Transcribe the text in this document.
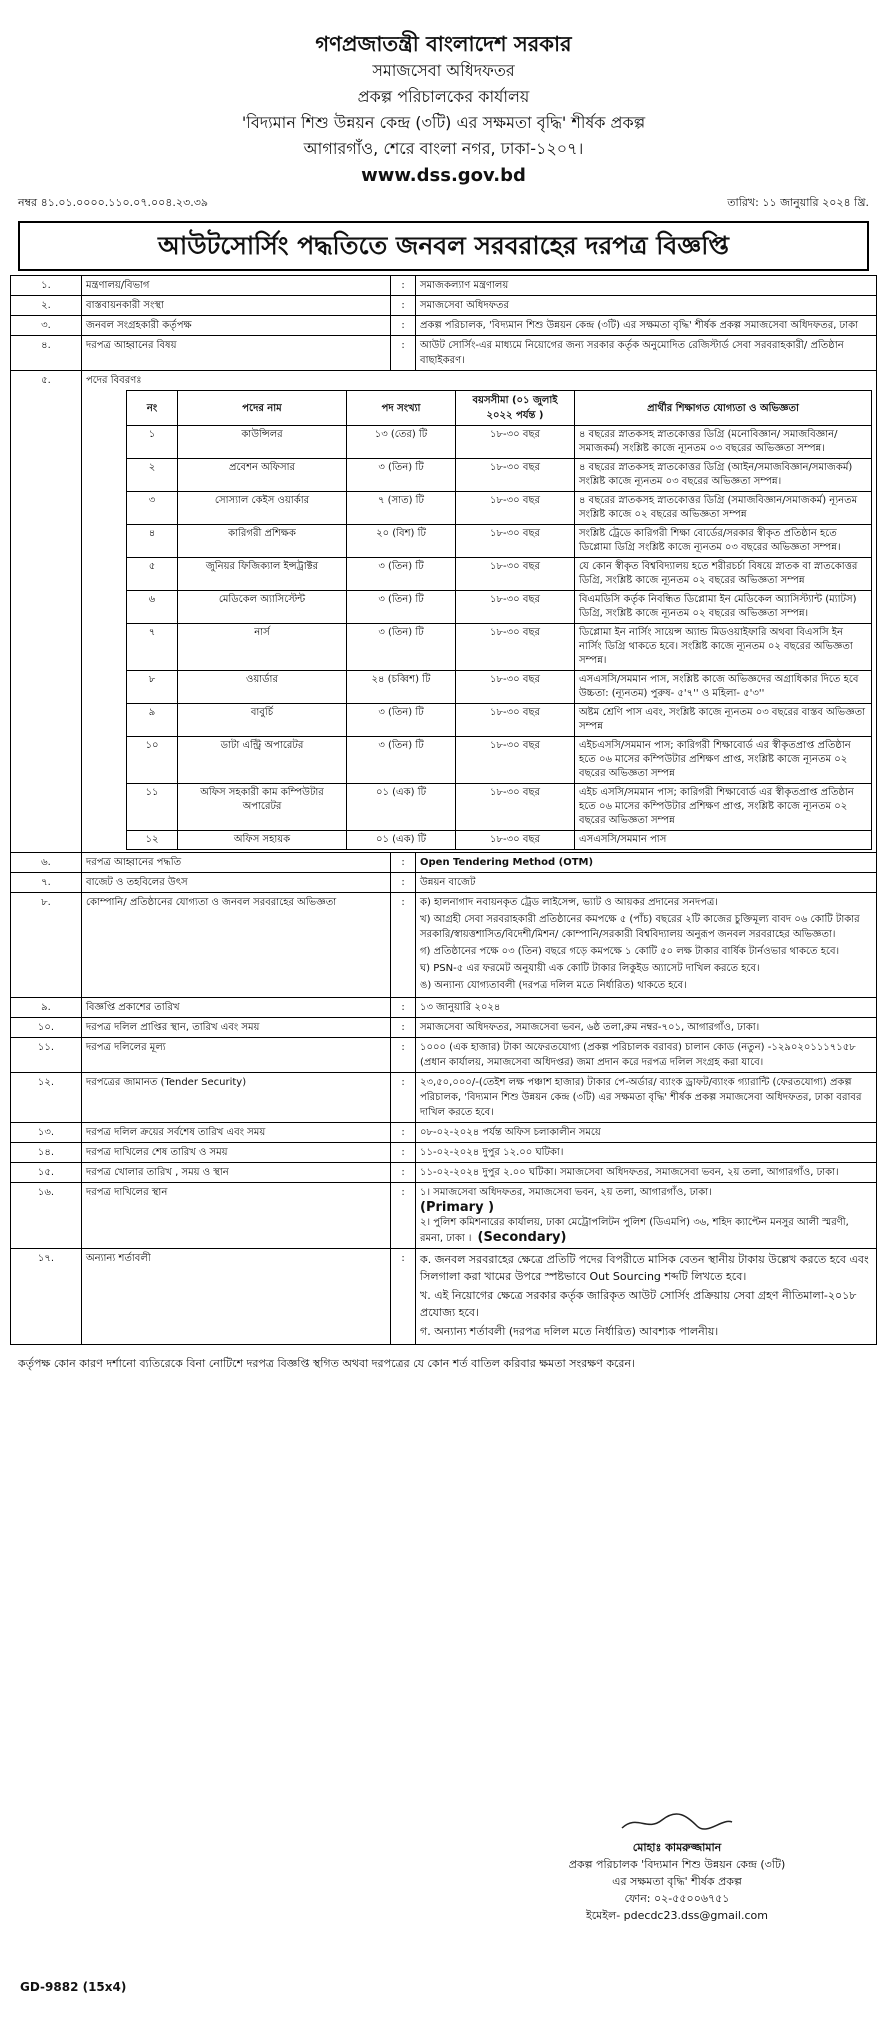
গণপ্রজাতন্ত্রী বাংলাদেশ সরকার
সমাজসেবা অধিদফতর
প্রকল্প পরিচালকের কার্যালয়
'বিদ্যমান শিশু উন্নয়ন কেন্দ্র (৩টি) এর সক্ষমতা বৃদ্ধি' শীর্ষক প্রকল্প
আগারগাঁও, শেরে বাংলা নগর, ঢাকা-১২০৭।
www.dss.gov.bd
নম্বর ৪১.০১.০০০০.১১০.০৭.০০৪.২৩.৩৯	তারিখ: ১১ জানুয়ারি ২০২৪ খ্রি.
আউটসোর্সিং পদ্ধতিতে জনবল সরবরাহের দরপত্র বিজ্ঞপ্তি
১.	মন্ত্রণালয়/বিভাগ	:	সমাজকল্যাণ মন্ত্রণালয়
২.	বাস্তবায়নকারী সংস্থা	:	সমাজসেবা অধিদফতর
৩.	জনবল সংগ্রহকারী কর্তৃপক্ষ	:	প্রকল্প পরিচালক, 'বিদ্যমান শিশু উন্নয়ন কেন্দ্র (৩টি) এর সক্ষমতা বৃদ্ধি' শীর্ষক প্রকল্প সমাজসেবা অধিদফতর, ঢাকা
৪.	দরপত্র আহ্বানের বিষয়	:	আউট সোর্সিং-এর মাধ্যমে নিয়োগের জন্য সরকার কর্তৃক অনুমোদিত রেজিস্টার্ড সেবা সরবরাহকারী/ প্রতিষ্ঠান বাছাইকরণ।
৫.	পদের বিবরণঃ
নং	পদের নাম	পদ সংখ্যা	বয়সসীমা (০১ জুলাই ২০২২ পর্যন্ত )	প্রার্থীর শিক্ষাগত যোগ্যতা ও অভিজ্ঞতা
১	কাউন্সিলর	১৩ (তের) টি	১৮-৩০ বছর	৪ বছরের স্নাতকসহ স্নাতকোত্তর ডিগ্রি (মনোবিজ্ঞান/ সমাজবিজ্ঞান/সমাজকর্ম) সংশ্লিষ্ট কাজে ন্যূনতম ০৩ বছরের অভিজ্ঞতা সম্পন্ন।
২	প্রবেশন অফিসার	৩ (তিন) টি	১৮-৩০ বছর	৪ বছরের স্নাতকসহ স্নাতকোত্তর ডিগ্রি (আইন/সমাজবিজ্ঞান/সমাজকর্ম) সংশ্লিষ্ট কাজে ন্যূনতম ০৩ বছরের অভিজ্ঞতা সম্পন্ন।
৩	সোস্যাল কেইস ওয়ার্কার	৭ (সাত) টি	১৮-৩০ বছর	৪ বছরের স্নাতকসহ স্নাতকোত্তর ডিগ্রি (সমাজবিজ্ঞান/সমাজকর্ম) ন্যূনতম সংশ্লিষ্ট কাজে ০২ বছরের অভিজ্ঞতা সম্পন্ন
৪	কারিগরী প্রশিক্ষক	২০ (বিশ) টি	১৮-৩০ বছর	সংশ্লিষ্ট ট্রেডে কারিগরী শিক্ষা বোর্ডের/সরকার স্বীকৃত প্রতিষ্ঠান হতে ডিপ্লোমা ডিগ্রি সংশ্লিষ্ট কাজে ন্যূনতম ০৩ বছরের অভিজ্ঞতা সম্পন্ন।
৫	জুনিয়র ফিজিক্যাল ইন্সট্রাক্টর	৩ (তিন) টি	১৮-৩০ বছর	যে কোন স্বীকৃত বিশ্ববিদ্যালয় হতে শরীরচর্চা বিষয়ে স্নাতক বা স্নাতকোত্তর ডিগ্রি, সংশ্লিষ্ট কাজে ন্যূনতম ০২ বছরের অভিজ্ঞতা সম্পন্ন
৬	মেডিকেল অ্যাসিস্টেন্ট	৩ (তিন) টি	১৮-৩০ বছর	বিএমডিসি কর্তৃক নিবন্ধিত ডিপ্লোমা ইন মেডিকেল অ্যাসিস্ট্যান্ট (ম্যাটস) ডিগ্রি, সংশ্লিষ্ট কাজে ন্যূনতম ০২ বছরের অভিজ্ঞতা সম্পন্ন।
৭	নার্স	৩ (তিন) টি	১৮-৩০ বছর	ডিপ্লোমা ইন নার্সিং সায়েন্স অ্যান্ড মিডওয়াইফারি অথবা বিএসসি ইন নার্সিং ডিগ্রি থাকতে হবে। সংশ্লিষ্ট কাজে ন্যূনতম ০২ বছরের অভিজ্ঞতা সম্পন্ন।
৮	ওয়ার্ডার	২৪ (চব্বিশ) টি	১৮-৩০ বছর	এসএসসি/সমমান পাস, সংশ্লিষ্ট কাজে অভিজ্ঞদের অগ্রাধিকার দিতে হবে উচ্চতা: (ন্যূনতম) পুরুষ- ৫'৭'' ও মহিলা- ৫'৩''
৯	বাবুর্চি	৩ (তিন) টি	১৮-৩০ বছর	অষ্টম শ্রেণি পাস এবং, সংশ্লিষ্ট কাজে ন্যূনতম ০৩ বছরের বাস্তব অভিজ্ঞতা সম্পন্ন
১০	ডাটা এন্ট্রি অপারেটর	৩ (তিন) টি	১৮-৩০ বছর	এইচএসসি/সমমান পাস; কারিগরী শিক্ষাবোর্ড এর স্বীকৃতপ্রাপ্ত প্রতিষ্ঠান হতে ০৬ মাসের কম্পিউটার প্রশিক্ষণ প্রাপ্ত, সংশ্লিষ্ট কাজে ন্যূনতম ০২ বছরের অভিজ্ঞতা সম্পন্ন
১১	অফিস সহকারী কাম কম্পিউটার অপারেটর	০১ (এক) টি	১৮-৩০ বছর	এইচ এসসি/সমমান পাস; কারিগরী শিক্ষাবোর্ড এর স্বীকৃতপ্রাপ্ত প্রতিষ্ঠান হতে ০৬ মাসের কম্পিউটার প্রশিক্ষণ প্রাপ্ত, সংশ্লিষ্ট কাজে ন্যূনতম ০২ বছরের অভিজ্ঞতা সম্পন্ন
১২	অফিস সহায়ক	০১ (এক) টি	১৮-৩০ বছর	এসএসসি/সমমান পাস

৬.	দরপত্র আহ্বানের পদ্ধতি	:	Open Tendering Method (OTM)
৭.	বাজেট ও তহবিলের উৎস	:	উন্নয়ন বাজেট
৮.	কোম্পানি/ প্রতিষ্ঠানের যোগ্যতা ও জনবল সরবরাহের অভিজ্ঞতা	:	ক) হালনাগাদ নবায়নকৃত ট্রেড লাইসেন্স, ভ্যাট ও আয়কর প্রদানের সনদপত্র।
খ) আগ্রহী সেবা সরবরাহকারী প্রতিষ্ঠানের কমপক্ষে ৫ (পাঁচ) বছরের ২টি কাজের চুক্তিমূল্য বাবদ ০৬ কোটি টাকার সরকারি/স্বায়ত্তশাসিত/বিদেশী/মিশন/ কোম্পানি/সরকারী বিশ্ববিদ্যালয় অনুরূপ জনবল সরবরাহের অভিজ্ঞতা।
গ) প্রতিষ্ঠানের পক্ষে ০৩ (তিন) বছরে গড়ে কমপক্ষে ১ কোটি ৫০ লক্ষ টাকার বার্ষিক টার্নওভার থাকতে হবে।
ঘ) PSN-৫ এর ফরমেট অনুযায়ী এক কোটি টাকার লিকুইড অ্যাসেট দাখিল করতে হবে।
ঙ) অন্যান্য যোগ্যতাবলী (দরপত্র দলিল মতে নির্ধারিত) থাকতে হবে।

৯.	বিজ্ঞপ্তি প্রকাশের তারিখ	:	১৩ জানুয়ারি ২০২৪
১০.	দরপত্র দলিল প্রাপ্তির স্থান, তারিখ এবং সময়	:	সমাজসেবা অধিদফতর, সমাজসেবা ভবন, ৬ষ্ঠ তলা,রুম নম্বর-৭০১, আগারগাঁও, ঢাকা।
১১.	দরপত্র দলিলের মূল্য	:	১০০০ (এক হাজার) টাকা অফেরতযোগ্য (প্রকল্প পরিচালক বরাবর) চালান কোড (নতুন) -১২৯০২০১১১৭১৫৮ (প্রধান কার্যালয়, সমাজসেবা অধিদপ্তর) জমা প্রদান করে দরপত্র দলিল সংগ্রহ করা যাবে।
১২.	দরপত্রের জামানত (Tender Security)	:	২৩,৫০,০০০/-(তেইশ লক্ষ পঞ্চাশ হাজার) টাকার পে-অর্ডার/ ব্যাংক ড্রাফট/ব্যাংক গ্যারান্টি (ফেরতযোগ্য) প্রকল্প পরিচালক, 'বিদ্যমান শিশু উন্নয়ন কেন্দ্র (৩টি) এর সক্ষমতা বৃদ্ধি' শীর্ষক প্রকল্প সমাজসেবা অধিদফতর, ঢাকা বরাবর দাখিল করতে হবে।
১৩.	দরপত্র দলিল ক্রয়ের সর্বশেষ তারিখ এবং সময়	:	০৮-০২-২০২৪ পর্যন্ত অফিস চলাকালীন সময়ে
১৪.	দরপত্র দাখিলের শেষ তারিখ ও সময়	:	১১-০২-২০২৪ দুপুর ১২.০০ ঘটিকা।
১৫.	দরপত্র খোলার তারিখ , সময় ও স্থান	:	১১-০২-২০২৪ দুপুর ২.০০ ঘটিকা। সমাজসেবা অধিদফতর, সমাজসেবা ভবন, ২য় তলা, আগারগাঁও, ঢাকা।
১৬.	দরপত্র দাখিলের স্থান	:	১। সমাজসেবা অধিদফতর, সমাজসেবা ভবন, ২য় তলা, আগারগাঁও, ঢাকা।
(Primary )
২। পুলিশ কমিশনারের কার্যালয়, ঢাকা মেট্রোপলিটন পুলিশ (ডিএমপি) ৩৬, শহিদ ক্যাপ্টেন মনসুর আলী স্মরণী, রমনা, ঢাকা । (Secondary)

১৭.	অন্যান্য শর্তাবলী	:	ক. জনবল সরবরাহের ক্ষেত্রে প্রতিটি পদের বিপরীতে মাসিক বেতন স্থানীয় টাকায় উল্লেখ করতে হবে এবং সিলগালা করা খামের উপরে স্পষ্টভাবে Out Sourcing শব্দটি লিখতে হবে।
খ. এই নিয়োগের ক্ষেত্রে সরকার কর্তৃক জারিকৃত আউট সোর্সিং প্রক্রিয়ায় সেবা গ্রহণ নীতিমালা-২০১৮ প্রযোজ্য হবে।
গ. অন্যান্য শর্তাবলী (দরপত্র দলিল মতে নির্ধারিত) আবশ্যক পালনীয়।
কর্তৃপক্ষ কোন কারণ দর্শানো ব্যতিরেকে বিনা নোটিশে দরপত্র বিজ্ঞপ্তি স্থগিত অথবা দরপত্রের যে কোন শর্ত বাতিল করিবার ক্ষমতা সংরক্ষণ করেন।
মোহাঃ কামরুজ্জামান
প্রকল্প পরিচালক 'বিদ্যমান শিশু উন্নয়ন কেন্দ্র (৩টি)
এর সক্ষমতা বৃদ্ধি' শীর্ষক প্রকল্প
ফোন: ০২-৫৫০০৬৭৫১
ইমেইল- pdecdc23.dss@gmail.com
GD-9882 (15x4)
